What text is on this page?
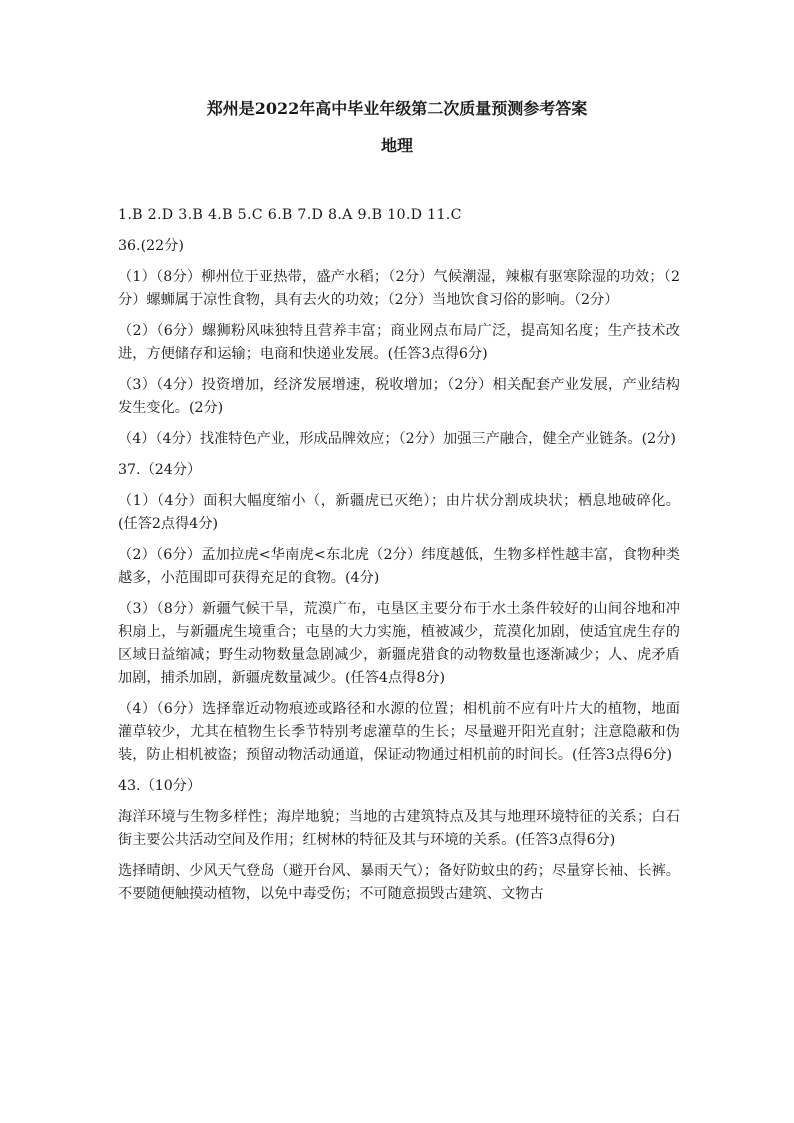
郑州是2022年高中毕业年级第二次质量预测参考答案
地理
1.B 2.D 3.B 4.B 5.C 6.B 7.D 8.A 9.B 10.D 11.C
36.(22分)
（1）（8分）柳州位于亚热带，盛产水稻；（2分）气候潮湿，辣椒有驱寒除湿的功效；（2分）螺蛳属于凉性食物，具有去火的功效；（2分）当地饮食习俗的影响。（2分）
（2）（6分）螺狮粉风味独特且营养丰富；商业网点布局广泛，提高知名度；生产技术改进，方便储存和运输；电商和快递业发展。(任答3点得6分)
（3）（4分）投资增加，经济发展增速，税收增加；（2分）相关配套产业发展，产业结构发生变化。(2分)
（4）（4分）找准特色产业，形成品牌效应；（2分）加强三产融合，健全产业链条。(2分)
37.（24分）
（1）（4分）面积大幅度缩小（，新疆虎已灭绝）；由片状分割成块状；栖息地破碎化。(任答2点得4分)
（2）（6分）孟加拉虎<华南虎<东北虎（2分）纬度越低，生物多样性越丰富，食物种类越多，小范围即可获得充足的食物。(4分)
（3）（8分）新疆气候干旱，荒漠广布，屯垦区主要分布于水土条件较好的山间谷地和冲积扇上，与新疆虎生境重合；屯垦的大力实施，植被减少，荒漠化加剧，使适宜虎生存的区域日益缩减；野生动物数量急剧减少，新疆虎猎食的动物数量也逐渐减少；人、虎矛盾加剧，捕杀加剧，新疆虎数量减少。(任答4点得8分)
（4）（6分）选择靠近动物痕迹或路径和水源的位置；相机前不应有叶片大的植物，地面灌草较少，尤其在植物生长季节特别考虑灌草的生长；尽量避开阳光直射；注意隐蔽和伪装，防止相机被盗；预留动物活动通道，保证动物通过相机前的时间长。(任答3点得6分)
43.（10分）
海洋环境与生物多样性；海岸地貌；当地的古建筑特点及其与地理环境特征的关系；白石街主要公共活动空间及作用；红树林的特征及其与环境的关系。(任答3点得6分)
选择晴朗、少风天气登岛（避开台风、暴雨天气）；备好防蚊虫的药；尽量穿长袖、长裤。不要随便触摸动植物，以免中毒受伤；不可随意损毁古建筑、文物古
